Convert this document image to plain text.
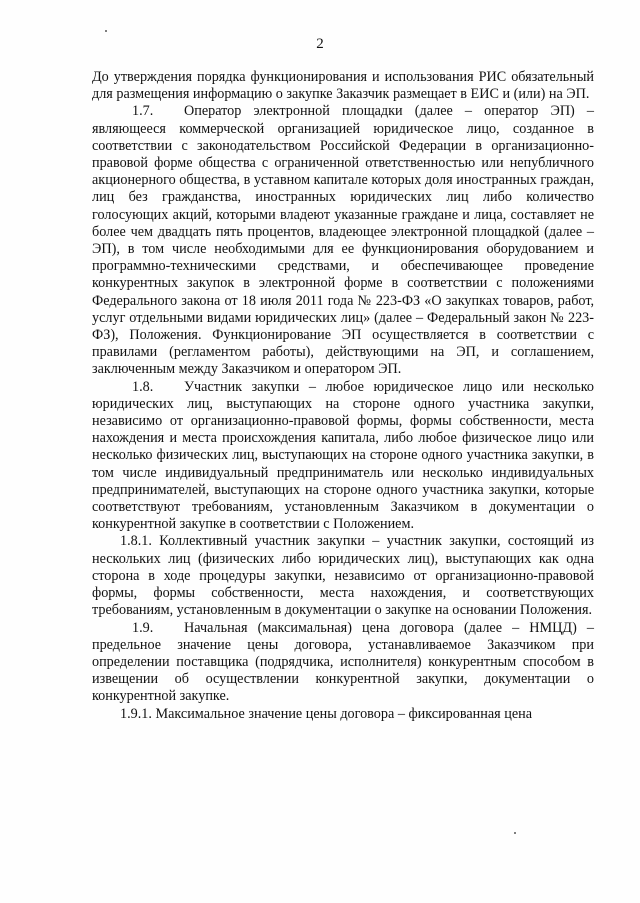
2

До утверждения порядка функционирования и использования РИС обязательный для размещения информацию о закупке Заказчик размещает в ЕИС и (или) на ЭП.

1.7. Оператор электронной площадки (далее – оператор ЭП) – являющееся коммерческой организацией юридическое лицо, созданное в соответствии с законодательством Российской Федерации в организационно-правовой форме общества с ограниченной ответственностью или непубличного акционерного общества, в уставном капитале которых доля иностранных граждан, лиц без гражданства, иностранных юридических лиц либо количество голосующих акций, которыми владеют указанные граждане и лица, составляет не более чем двадцать пять процентов, владеющее электронной площадкой (далее – ЭП), в том числе необходимыми для ее функционирования оборудованием и программно-техническими средствами, и обеспечивающее проведение конкурентных закупок в электронной форме в соответствии с положениями Федерального закона от 18 июля 2011 года № 223-ФЗ «О закупках товаров, работ, услуг отдельными видами юридических лиц» (далее – Федеральный закон № 223-ФЗ), Положения. Функционирование ЭП осуществляется в соответствии с правилами (регламентом работы), действующими на ЭП, и соглашением, заключенным между Заказчиком и оператором ЭП.

1.8. Участник закупки – любое юридическое лицо или несколько юридических лиц, выступающих на стороне одного участника закупки, независимо от организационно-правовой формы, формы собственности, места нахождения и места происхождения капитала, либо любое физическое лицо или несколько физических лиц, выступающих на стороне одного участника закупки, в том числе индивидуальный предприниматель или несколько индивидуальных предпринимателей, выступающих на стороне одного участника закупки, которые соответствуют требованиям, установленным Заказчиком в документации о конкурентной закупке в соответствии с Положением.

1.8.1. Коллективный участник закупки – участник закупки, состоящий из нескольких лиц (физических либо юридических лиц), выступающих как одна сторона в ходе процедуры закупки, независимо от организационно-правовой формы, формы собственности, места нахождения, и соответствующих требованиям, установленным в документации о закупке на основании Положения.

1.9. Начальная (максимальная) цена договора (далее – НМЦД) – предельное значение цены договора, устанавливаемое Заказчиком при определении поставщика (подрядчика, исполнителя) конкурентным способом в извещении об осуществлении конкурентной закупки, документации о конкурентной закупке.

1.9.1. Максимальное значение цены договора – фиксированная цена
